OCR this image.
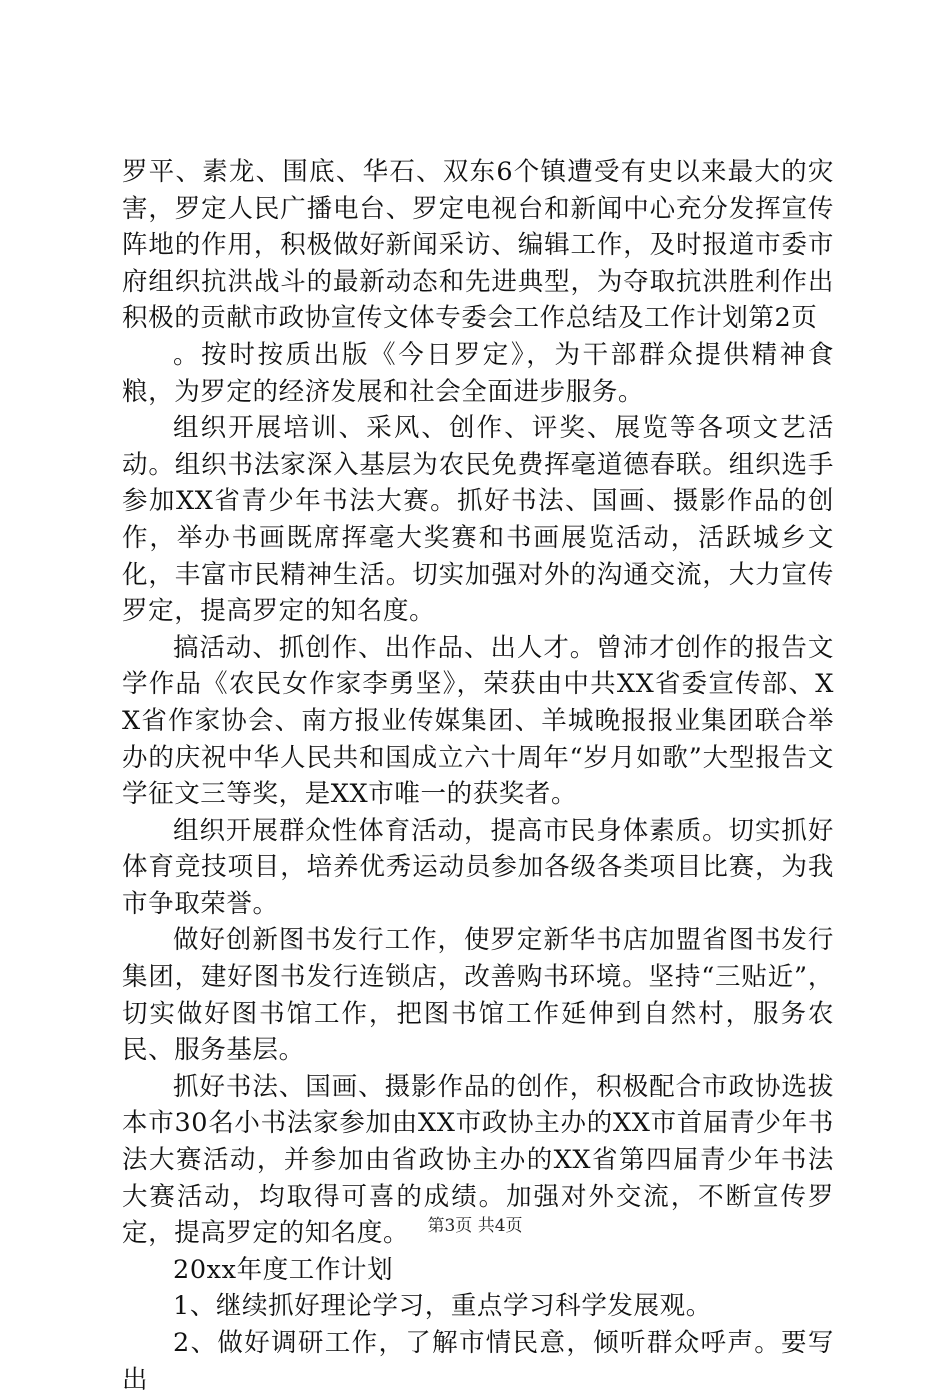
罗平、素龙、围底、华石、双东6个镇遭受有史以来最大的灾害，罗定人民广播电台、罗定电视台和新闻中心充分发挥宣传阵地的作用，积极做好新闻采访、编辑工作，及时报道市委市府组织抗洪战斗的最新动态和先进典型，为夺取抗洪胜利作出积极的贡献市政协宣传文体专委会工作总结及工作计划第2页

。按时按质出版《今日罗定》，为干部群众提供精神食粮，为罗定的经济发展和社会全面进步服务。

组织开展培训、采风、创作、评奖、展览等各项文艺活动。组织书法家深入基层为农民免费挥毫道德春联。组织选手参加XX省青少年书法大赛。抓好书法、国画、摄影作品的创作，举办书画既席挥毫大奖赛和书画展览活动，活跃城乡文化，丰富市民精神生活。切实加强对外的沟通交流，大力宣传罗定，提高罗定的知名度。

搞活动、抓创作、出作品、出人才。曾沛才创作的报告文学作品《农民女作家李勇坚》，荣获由中共XX省委宣传部、XX省作家协会、南方报业传媒集团、羊城晚报报业集团联合举办的庆祝中华人民共和国成立六十周年“岁月如歌”大型报告文学征文三等奖，是XX市唯一的获奖者。

组织开展群众性体育活动，提高市民身体素质。切实抓好体育竞技项目，培养优秀运动员参加各级各类项目比赛，为我市争取荣誉。

做好创新图书发行工作，使罗定新华书店加盟省图书发行集团，建好图书发行连锁店，改善购书环境。坚持“三贴近”，切实做好图书馆工作，把图书馆工作延伸到自然村，服务农民、服务基层。

抓好书法、国画、摄影作品的创作，积极配合市政协选拔本市30名小书法家参加由XX市政协主办的XX市首届青少年书法大赛活动，并参加由省政协主办的XX省第四届青少年书法大赛活动，均取得可喜的成绩。加强对外交流，不断宣传罗定，提高罗定的知名度。

20xx年度工作计划

1、继续抓好理论学习，重点学习科学发展观。

2、做好调研工作，了解市情民意，倾听群众呼声。要写出

第3页 共4页
